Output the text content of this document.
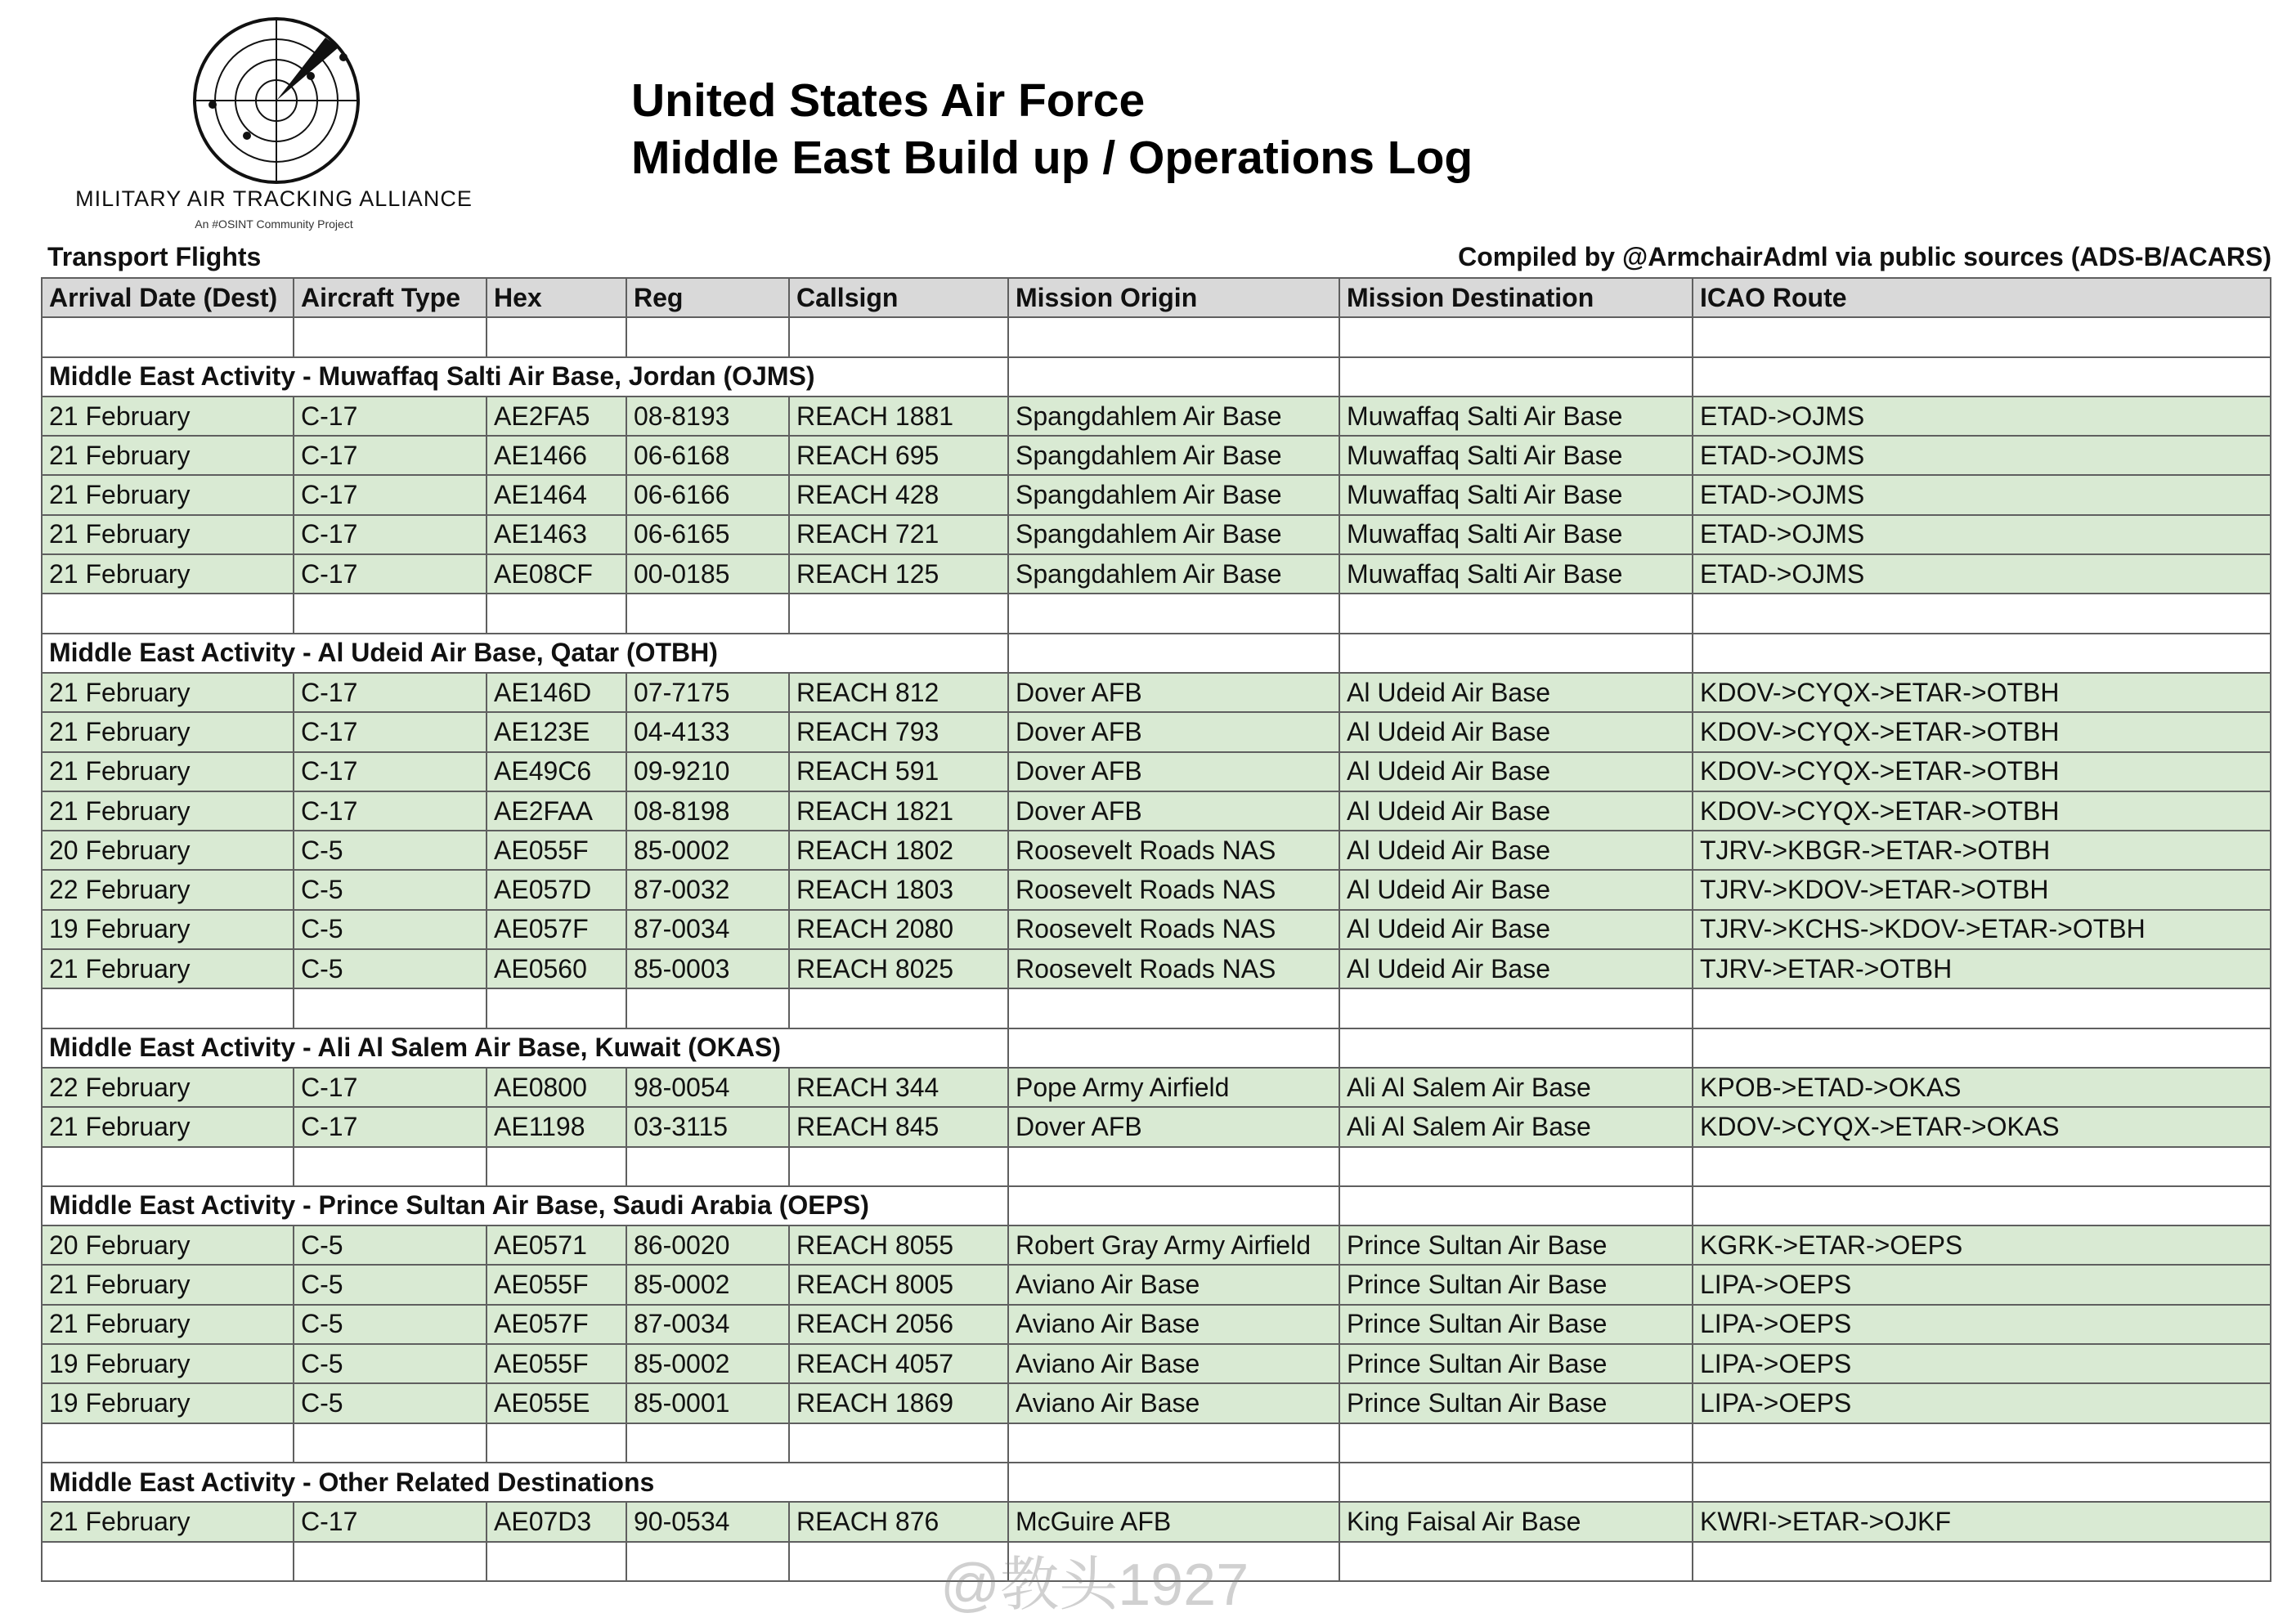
MILITARY AIR TRACKING ALLIANCE
An #OSINT Community Project
United States Air Force
Middle East Build up / Operations Log
Transport Flights	Compiled by @ArmchairAdml via public sources (ADS-B/ACARS)
Arrival Date (Dest)	Aircraft Type	Hex	Reg	Callsign	Mission Origin	Mission Destination	ICAO Route

Middle East Activity - Muwaffaq Salti Air Base, Jordan (OJMS)							
21 February	C-17	AE2FA5	08-8193	REACH 1881	Spangdahlem Air Base	Muwaffaq Salti Air Base	ETAD->OJMS
21 February	C-17	AE1466	06-6168	REACH 695	Spangdahlem Air Base	Muwaffaq Salti Air Base	ETAD->OJMS
21 February	C-17	AE1464	06-6166	REACH 428	Spangdahlem Air Base	Muwaffaq Salti Air Base	ETAD->OJMS
21 February	C-17	AE1463	06-6165	REACH 721	Spangdahlem Air Base	Muwaffaq Salti Air Base	ETAD->OJMS
21 February	C-17	AE08CF	00-0185	REACH 125	Spangdahlem Air Base	Muwaffaq Salti Air Base	ETAD->OJMS

Middle East Activity - Al Udeid Air Base, Qatar (OTBH)							
21 February	C-17	AE146D	07-7175	REACH 812	Dover AFB	Al Udeid Air Base	KDOV->CYQX->ETAR->OTBH
21 February	C-17	AE123E	04-4133	REACH 793	Dover AFB	Al Udeid Air Base	KDOV->CYQX->ETAR->OTBH
21 February	C-17	AE49C6	09-9210	REACH 591	Dover AFB	Al Udeid Air Base	KDOV->CYQX->ETAR->OTBH
21 February	C-17	AE2FAA	08-8198	REACH 1821	Dover AFB	Al Udeid Air Base	KDOV->CYQX->ETAR->OTBH
20 February	C-5	AE055F	85-0002	REACH 1802	Roosevelt Roads NAS	Al Udeid Air Base	TJRV->KBGR->ETAR->OTBH
22 February	C-5	AE057D	87-0032	REACH 1803	Roosevelt Roads NAS	Al Udeid Air Base	TJRV->KDOV->ETAR->OTBH
19 February	C-5	AE057F	87-0034	REACH 2080	Roosevelt Roads NAS	Al Udeid Air Base	TJRV->KCHS->KDOV->ETAR->OTBH
21 February	C-5	AE0560	85-0003	REACH 8025	Roosevelt Roads NAS	Al Udeid Air Base	TJRV->ETAR->OTBH

Middle East Activity - Ali Al Salem Air Base, Kuwait (OKAS)							
22 February	C-17	AE0800	98-0054	REACH 344	Pope Army Airfield	Ali Al Salem Air Base	KPOB->ETAD->OKAS
21 February	C-17	AE1198	03-3115	REACH 845	Dover AFB	Ali Al Salem Air Base	KDOV->CYQX->ETAR->OKAS

Middle East Activity - Prince Sultan Air Base, Saudi Arabia (OEPS)							
20 February	C-5	AE0571	86-0020	REACH 8055	Robert Gray Army Airfield	Prince Sultan Air Base	KGRK->ETAR->OEPS
21 February	C-5	AE055F	85-0002	REACH 8005	Aviano Air Base	Prince Sultan Air Base	LIPA->OEPS
21 February	C-5	AE057F	87-0034	REACH 2056	Aviano Air Base	Prince Sultan Air Base	LIPA->OEPS
19 February	C-5	AE055F	85-0002	REACH 4057	Aviano Air Base	Prince Sultan Air Base	LIPA->OEPS
19 February	C-5	AE055E	85-0001	REACH 1869	Aviano Air Base	Prince Sultan Air Base	LIPA->OEPS

Middle East Activity - Other Related Destinations							
21 February	C-17	AE07D3	90-0534	REACH 876	McGuire AFB	King Faisal Air Base	KWRI->ETAR->OJKF

@教头1927
